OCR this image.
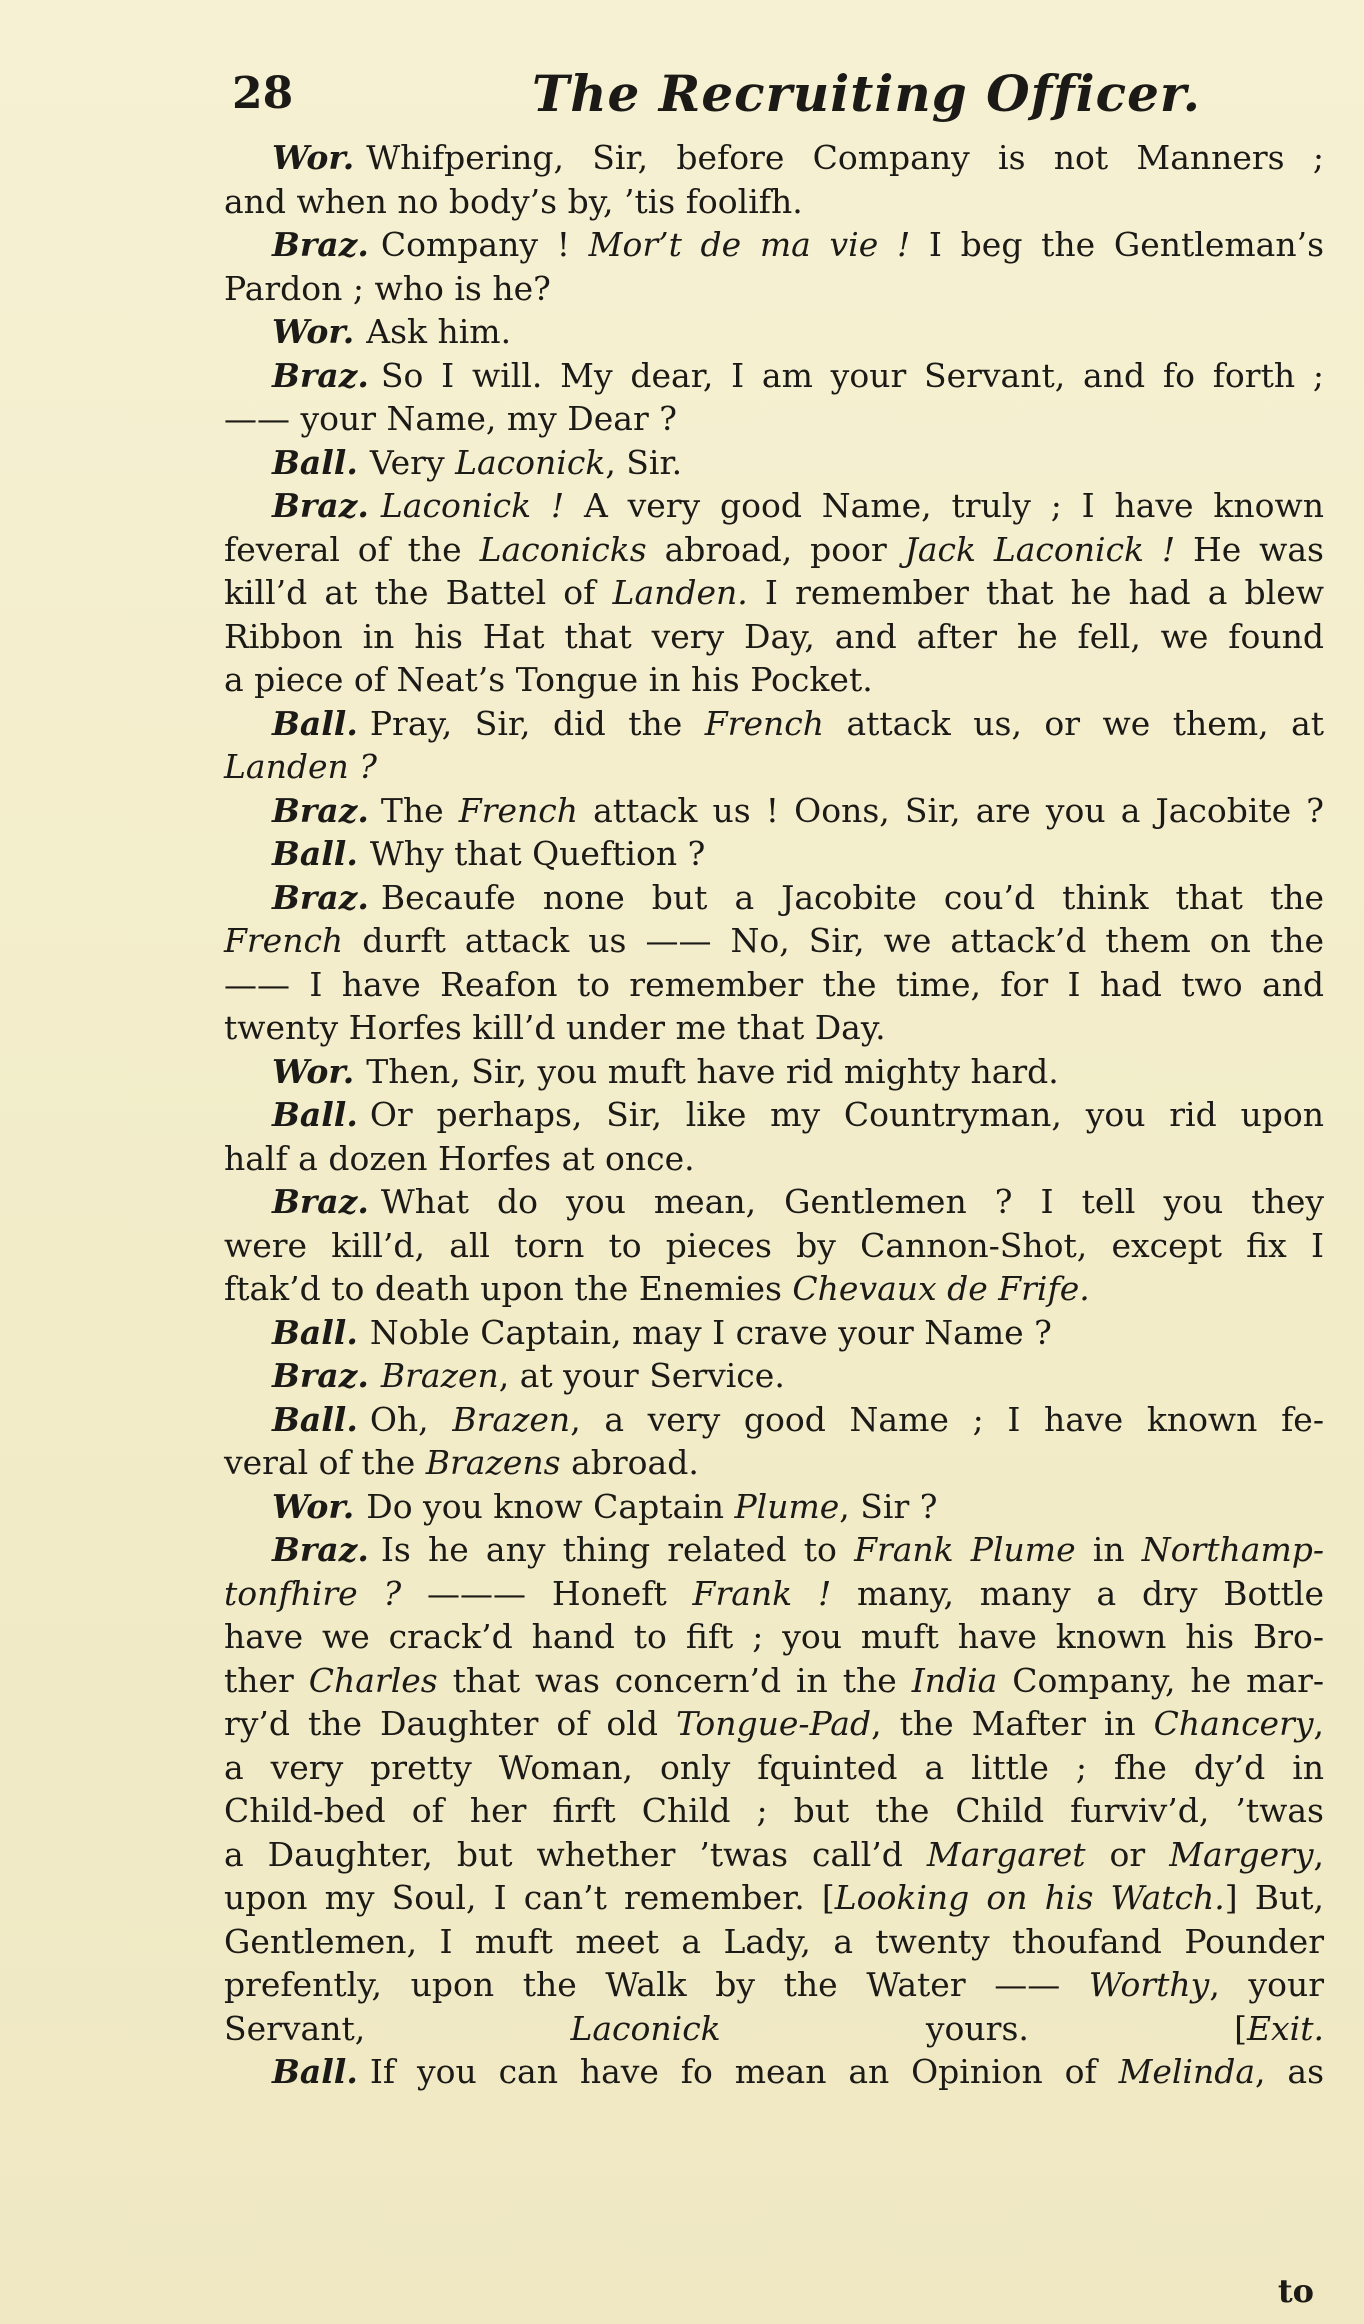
28	The Recruiting Officer.
Wor. Whifpering, Sir, before Company is not Manners ;
and when no body’s by, ’tis foolifh.
Braz. Company ! Mor’t de ma vie ! I beg the Gentleman’s
Pardon ; who is he?
Wor. Ask him.
Braz. So I will. My dear, I am your Servant, and fo forth ;
—— your Name, my Dear ?
Ball. Very Laconick, Sir.
Braz. Laconick ! A very good Name, truly ; I have known
feveral of the Laconicks abroad, poor Jack Laconick ! He was
kill’d at the Battel of Landen. I remember that he had a blew
Ribbon in his Hat that very Day, and after he fell, we found
a piece of Neat’s Tongue in his Pocket.
Ball. Pray, Sir, did the French attack us, or we them, at
Landen ?
Braz. The French attack us ! Oons, Sir, are you a Jacobite ?
Ball. Why that Queftion ?
Braz. Becaufe none but a Jacobite cou’d think that the
French durft attack us —— No, Sir, we attack’d them on the
—— I have Reafon to remember the time, for I had two and
twenty Horfes kill’d under me that Day.
Wor. Then, Sir, you muft have rid mighty hard.
Ball. Or perhaps, Sir, like my Countryman, you rid upon
half a dozen Horfes at once.
Braz. What do you mean, Gentlemen ? I tell you they
were kill’d, all torn to pieces by Cannon-Shot, except fix I
ftak’d to death upon the Enemies Chevaux de Frife.
Ball. Noble Captain, may I crave your Name ?
Braz. Brazen, at your Service.
Ball. Oh, Brazen, a very good Name ; I have known fe-
veral of the Brazens abroad.
Wor. Do you know Captain Plume, Sir ?
Braz. Is he any thing related to Frank Plume in Northamp-
tonfhire ? ——— Honeft Frank ! many, many a dry Bottle
have we crack’d hand to fift ; you muft have known his Bro-
ther Charles that was concern’d in the India Company, he mar-
ry’d the Daughter of old Tongue-Pad, the Mafter in Chancery,
a very pretty Woman, only fquinted a little ; fhe dy’d in
Child-bed of her firft Child ; but the Child furviv’d, ’twas
a Daughter, but whether ’twas call’d Margaret or Margery,
upon my Soul, I can’t remember. [Looking on his Watch.] But,
Gentlemen, I muft meet a Lady, a twenty thoufand Pounder
prefently, upon the Walk by the Water —— Worthy, your
Servant, Laconick yours. [Exit.
Ball. If you can have fo mean an Opinion of Melinda, as
to
